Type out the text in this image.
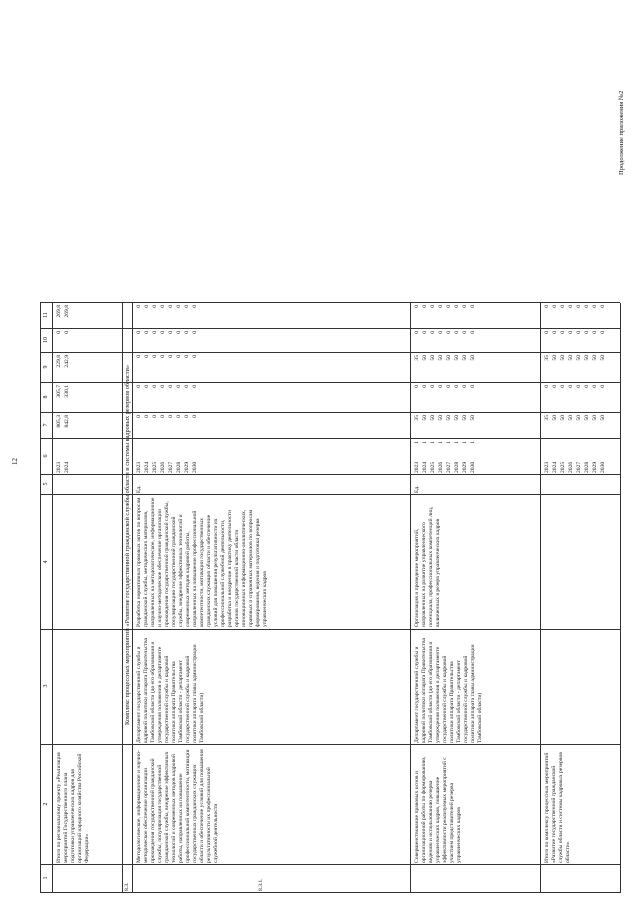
12
Продолжение приложения №2
1
2
3
4
5
6
7
8
9
10
11
Итого по региональному проекту «Реализация мероприятий Государственного плана подготовки управленческих кадров для организаций народного хозяйства Российской Федерации»
2023
805,3
305,7
229,8
0
269,8
2024
842,8
330,1
242,9
0
269,8
8.3.
Комплекс процессных мероприятий «Развитие государственной гражданской службы области и системы кадровых резервов области»
8.3.1.
Методологическое, информационное и научно-методическое обеспечение организации прохождения государственной гражданской службы, популяризация государственной гражданской службы, внедрение эффективных технологий и современных методов кадровой работы, направленных на повышение профессиональной компетентности, мотивации государственных гражданских служащих области и обеспечение условий для повышения результативности их профессиональной служебной деятельности
Департамент государственной службы и кадровой политики аппарата Правительства Тамбовской области (до его образования и утверждения положения о департаменте государственной службы и кадровой политики аппарата Правительства Тамбовской области - департамент государственной службы и кадровой политики аппарата главы администрации Тамбовской области)
Разработка нормативных правовых актов по вопросам гражданской службы, методических материалов, направленных на методологическое, информационное и научно-методическое обеспечение организации прохождения государственной гражданской службы, популяризацию государственной гражданской службы, внедрение эффективных технологий и современных методов кадровой работы, направленных на повышение профессиональной компетентности, мотивации государственных гражданских служащих области и обеспечение условий для повышения результативности их профессиональной служебной деятельности, разработка и внедрение в практику деятельности органов государственной власти области инновационных информационно-аналитических, правовых и справочных материалов по вопросам формирования, ведения и подготовки резерва управленческих кадров
Ед.
2023
0
0
0
0
0
2024
0
0
0
0
0
2025
0
0
0
0
0
2026
0
0
0
0
0
2027
0
0
0
0
0
2028
0
0
0
0
0
2029
0
0
0
0
0
2030
0
0
0
0
0
Совершенствование правовых основ и организационной работы по формированию, ведению и использованию резерва управленческих кадров, повышение эффективности реализуемых мероприятий с участием представителей резерва управленческих кадров
Департамент государственной службы и кадровой политики аппарата Правительства Тамбовской области (до его образования и утверждения положения о департаменте государственной службы и кадровой политики аппарата Правительства Тамбовской области - департамент государственной службы и кадровой политики аппарата главы администрации Тамбовской области)
Организация и проведение мероприятий, направленных на развитие управленческого потенциала, профессиональных компетенций лиц, включенных в резерв управленческих кадров
Ед.
2023
1
35
0
35
0
0
2024
1
50
0
50
0
0
2025
1
50
0
50
0
0
2026
1
50
0
50
0
0
2027
1
50
0
50
0
0
2028
1
50
0
50
0
0
2029
1
50
0
50
0
0
2030
1
50
0
50
0
0
Итого по комплексу процессных мероприятий «Развитие государственной гражданской службы области и системы кадровых резервов области»
2023
35
0
35
0
0
2024
50
0
50
0
0
2025
50
0
50
0
0
2026
50
0
50
0
0
2027
50
0
50
0
0
2028
50
0
50
0
0
2029
50
0
50
0
0
2030
50
0
50
0
0
